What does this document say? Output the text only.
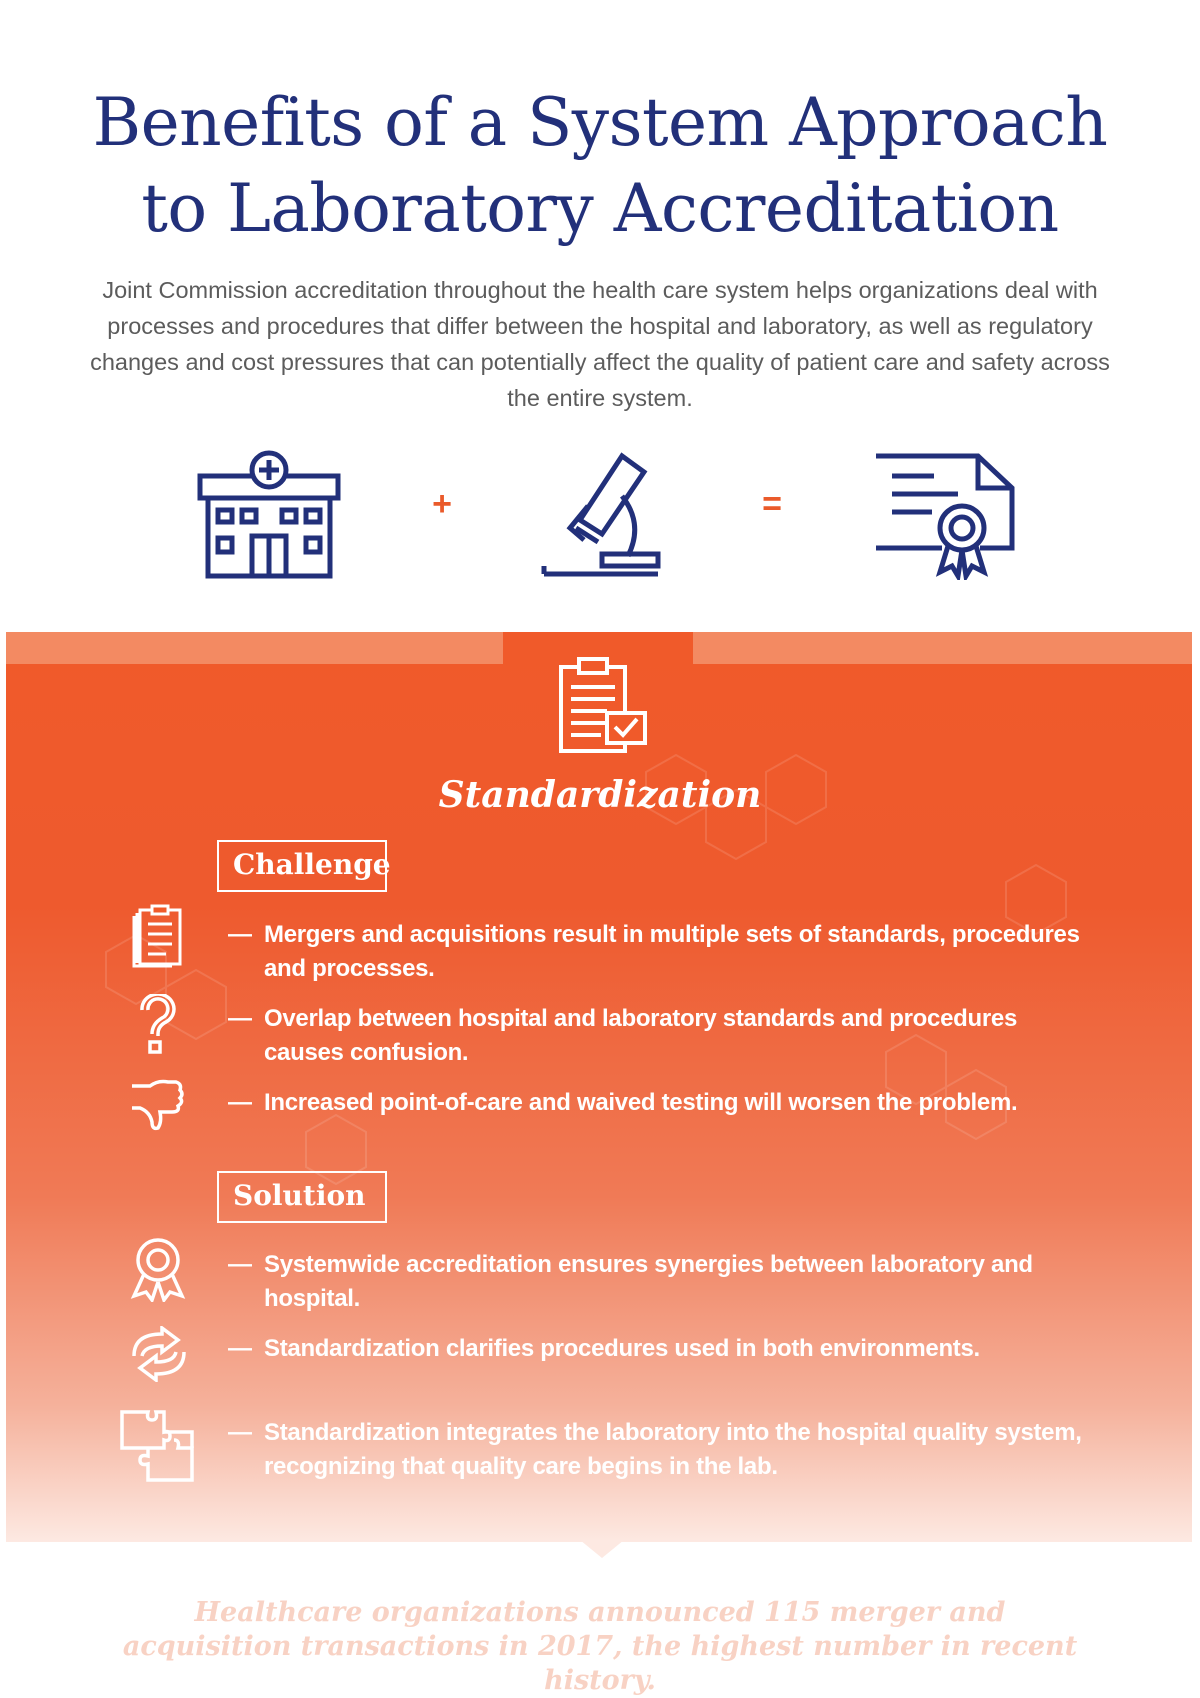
Benefits of a System Approach
to Laboratory Accreditation
Joint Commission accreditation throughout the health care system helps organizations deal with processes and procedures that differ between the hospital and laboratory, as well as regulatory changes and cost pressures that can potentially affect the quality of patient care and safety across the entire system.
+	=
Standardization
Challenge
— Mergers and acquisitions result in multiple sets of standards, procedures and processes.
— Overlap between hospital and laboratory standards and procedures causes confusion.
— Increased point-of-care and waived testing will worsen the problem.
Solution
— Systemwide accreditation ensures synergies between laboratory and hospital.
— Standardization clarifies procedures used in both environments.
— Standardization integrates the laboratory into the hospital quality system, recognizing that quality care begins in the lab.
Healthcare organizations announced 115 merger and acquisition transactions in 2017, the highest number in recent history.
